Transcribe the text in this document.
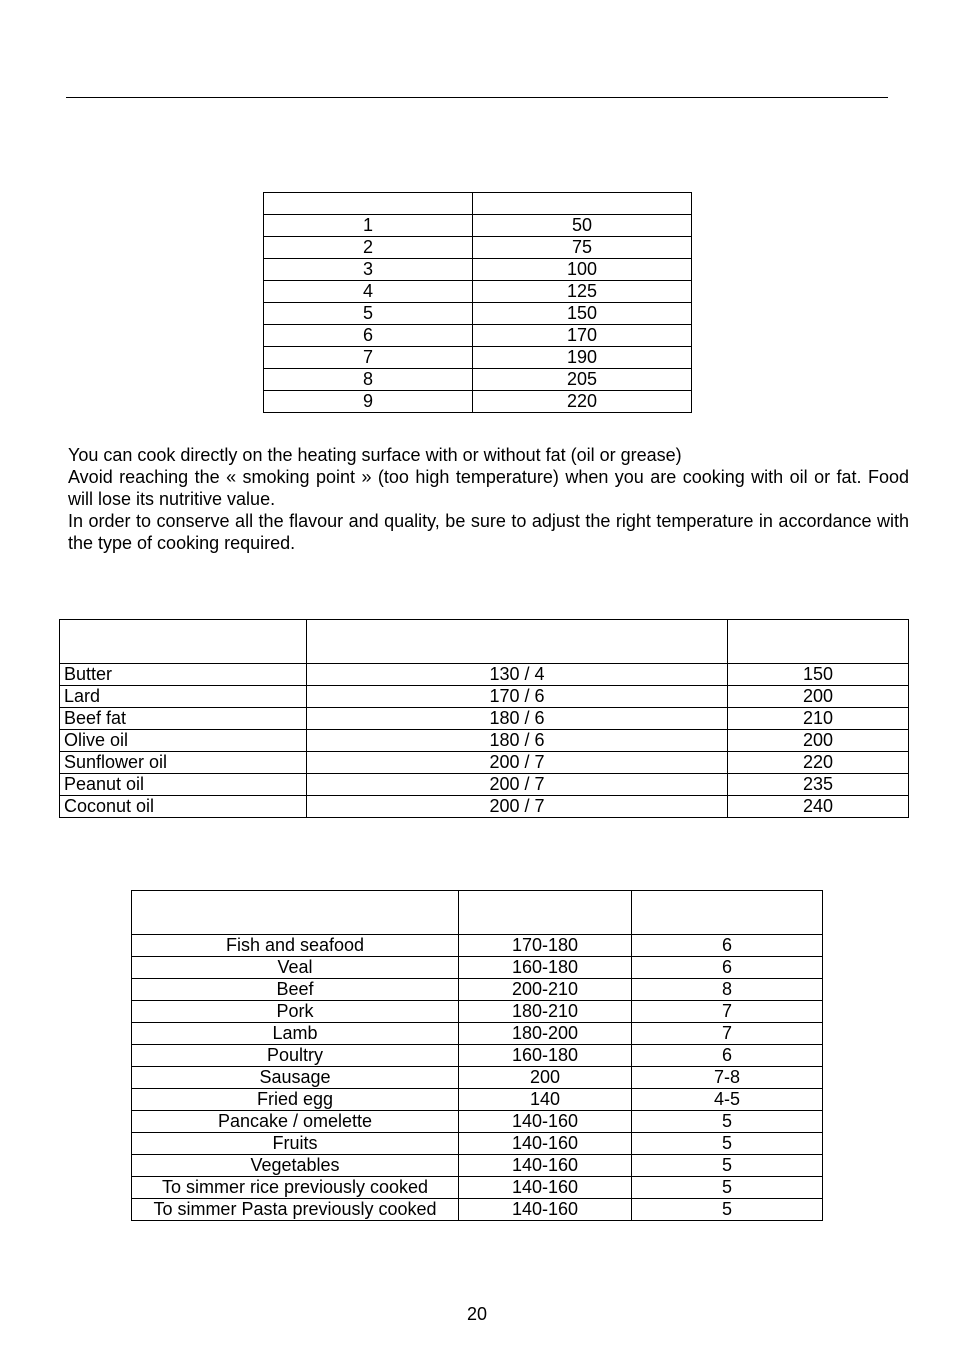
1	50
2	75
3	100
4	125
5	150
6	170
7	190
8	205
9	220

You can cook directly on the heating surface with or without fat (oil or grease)

Avoid reaching the « smoking point » (too high temperature) when you are cooking with oil or fat. Food will lose its nutritive value.

In order to conserve all the flavour and quality, be sure to adjust the right temperature in accordance with the type of cooking required.

Butter	130 / 4	150
Lard	170 / 6	200
Beef fat	180 / 6	210
Olive oil	180 / 6	200
Sunflower oil	200 / 7	220
Peanut oil	200 / 7	235
Coconut oil	200 / 7	240

Fish and seafood	170-180	6
Veal	160-180	6
Beef	200-210	8
Pork	180-210	7
Lamb	180-200	7
Poultry	160-180	6
Sausage	200	7-8
Fried egg	140	4-5
Pancake / omelette	140-160	5
Fruits	140-160	5
Vegetables	140-160	5
To simmer rice previously cooked	140-160	5
To simmer Pasta previously cooked	140-160	5
20
